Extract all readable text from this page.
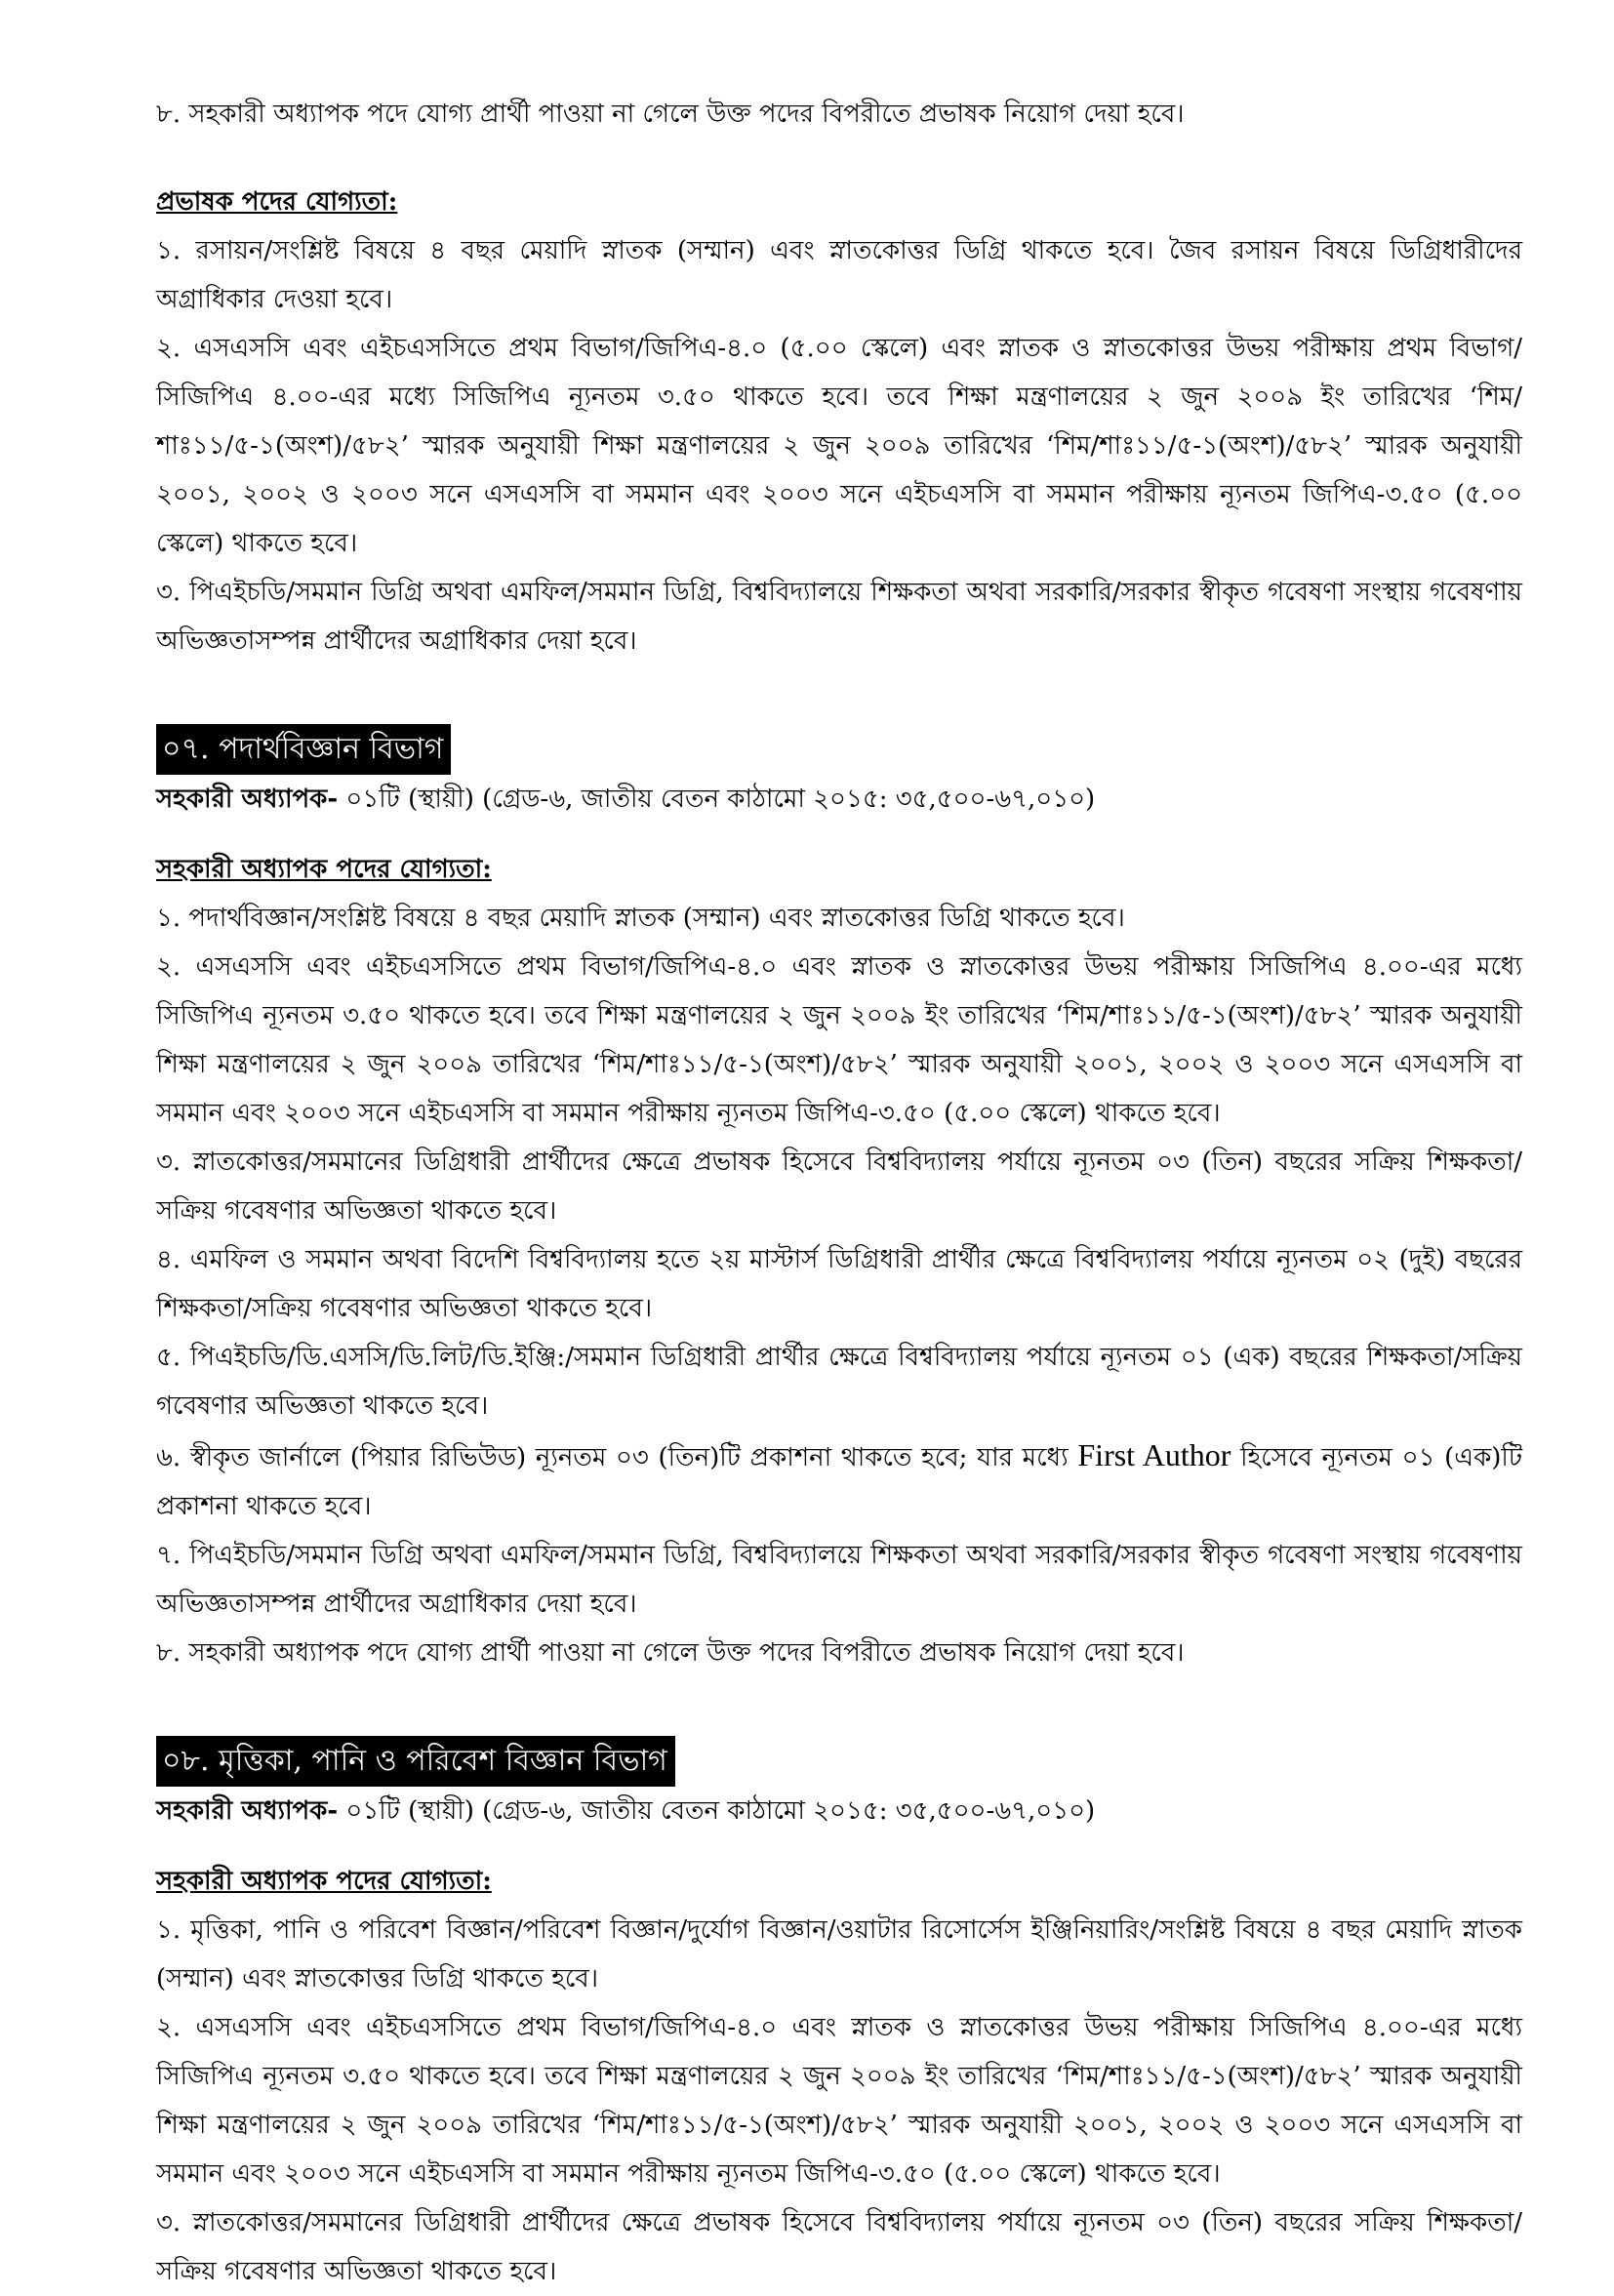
৮. সহকারী অধ্যাপক পদে যোগ্য প্রার্থী পাওয়া না গেলে উক্ত পদের বিপরীতে প্রভাষক নিয়োগ দেয়া হবে।

প্রভাষক পদের যোগ্যতা:

১. রসায়ন/সংশ্লিষ্ট বিষয়ে ৪ বছর মেয়াদি স্নাতক (সম্মান) এবং স্নাতকোত্তর ডিগ্রি থাকতে হবে। জৈব রসায়ন বিষয়ে ডিগ্রিধারীদের অগ্রাধিকার দেওয়া হবে।

২. এসএসসি এবং এইচএসসিতে প্রথম বিভাগ/জিপিএ-৪.০ (৫.০০ স্কেলে) এবং স্নাতক ও স্নাতকোত্তর উভয় পরীক্ষায় প্রথম বিভাগ/সিজিপিএ ৪.০০-এর মধ্যে সিজিপিএ ন্যূনতম ৩.৫০ থাকতে হবে। তবে শিক্ষা মন্ত্রণালয়ের ২ জুন ২০০৯ ইং তারিখের ‘শিম/শাঃ১১/৫-১(অংশ)/৫৮২’ স্মারক অনুযায়ী শিক্ষা মন্ত্রণালয়ের ২ জুন ২০০৯ তারিখের ‘শিম/শাঃ১১/৫-১(অংশ)/৫৮২’ স্মারক অনুযায়ী ২০০১, ২০০২ ও ২০০৩ সনে এসএসসি বা সমমান এবং ২০০৩ সনে এইচএসসি বা সমমান পরীক্ষায় ন্যূনতম জিপিএ-৩.৫০ (৫.০০ স্কেলে) থাকতে হবে।

৩. পিএইচডি/সমমান ডিগ্রি অথবা এমফিল/সমমান ডিগ্রি, বিশ্ববিদ্যালয়ে শিক্ষকতা অথবা সরকারি/সরকার স্বীকৃত গবেষণা সংস্থায় গবেষণায় অভিজ্ঞতাসম্পন্ন প্রার্থীদের অগ্রাধিকার দেয়া হবে।

০৭. পদার্থবিজ্ঞান বিভাগ

সহকারী অধ্যাপক- ০১টি (স্থায়ী) (গ্রেড-৬, জাতীয় বেতন কাঠামো ২০১৫: ৩৫,৫০০-৬৭,০১০)

সহকারী অধ্যাপক পদের যোগ্যতা:

১. পদার্থবিজ্ঞান/সংশ্লিষ্ট বিষয়ে ৪ বছর মেয়াদি স্নাতক (সম্মান) এবং স্নাতকোত্তর ডিগ্রি থাকতে হবে।

২. এসএসসি এবং এইচএসসিতে প্রথম বিভাগ/জিপিএ-৪.০ এবং স্নাতক ও স্নাতকোত্তর উভয় পরীক্ষায় সিজিপিএ ৪.০০-এর মধ্যে সিজিপিএ ন্যূনতম ৩.৫০ থাকতে হবে। তবে শিক্ষা মন্ত্রণালয়ের ২ জুন ২০০৯ ইং তারিখের ‘শিম/শাঃ১১/৫-১(অংশ)/৫৮২’ স্মারক অনুযায়ী শিক্ষা মন্ত্রণালয়ের ২ জুন ২০০৯ তারিখের ‘শিম/শাঃ১১/৫-১(অংশ)/৫৮২’ স্মারক অনুযায়ী ২০০১, ২০০২ ও ২০০৩ সনে এসএসসি বা সমমান এবং ২০০৩ সনে এইচএসসি বা সমমান পরীক্ষায় ন্যূনতম জিপিএ-৩.৫০ (৫.০০ স্কেলে) থাকতে হবে।

৩. স্নাতকোত্তর/সমমানের ডিগ্রিধারী প্রার্থীদের ক্ষেত্রে প্রভাষক হিসেবে বিশ্ববিদ্যালয় পর্যায়ে ন্যূনতম ০৩ (তিন) বছরের সক্রিয় শিক্ষকতা/সক্রিয় গবেষণার অভিজ্ঞতা থাকতে হবে।

৪. এমফিল ও সমমান অথবা বিদেশি বিশ্ববিদ্যালয় হতে ২য় মাস্টার্স ডিগ্রিধারী প্রার্থীর ক্ষেত্রে বিশ্ববিদ্যালয় পর্যায়ে ন্যূনতম ০২ (দুই) বছরের শিক্ষকতা/সক্রিয় গবেষণার অভিজ্ঞতা থাকতে হবে।

৫. পিএইচডি/ডি.এসসি/ডি.লিট/ডি.ইঞ্জি:/সমমান ডিগ্রিধারী প্রার্থীর ক্ষেত্রে বিশ্ববিদ্যালয় পর্যায়ে ন্যূনতম ০১ (এক) বছরের শিক্ষকতা/সক্রিয় গবেষণার অভিজ্ঞতা থাকতে হবে।

৬. স্বীকৃত জার্নালে (পিয়ার রিভিউড) ন্যূনতম ০৩ (তিন)টি প্রকাশনা থাকতে হবে; যার মধ্যে First Author হিসেবে ন্যূনতম ০১ (এক)টি প্রকাশনা থাকতে হবে।

৭. পিএইচডি/সমমান ডিগ্রি অথবা এমফিল/সমমান ডিগ্রি, বিশ্ববিদ্যালয়ে শিক্ষকতা অথবা সরকারি/সরকার স্বীকৃত গবেষণা সংস্থায় গবেষণায় অভিজ্ঞতাসম্পন্ন প্রার্থীদের অগ্রাধিকার দেয়া হবে।

৮. সহকারী অধ্যাপক পদে যোগ্য প্রার্থী পাওয়া না গেলে উক্ত পদের বিপরীতে প্রভাষক নিয়োগ দেয়া হবে।

০৮. মৃত্তিকা, পানি ও পরিবেশ বিজ্ঞান বিভাগ

সহকারী অধ্যাপক- ০১টি (স্থায়ী) (গ্রেড-৬, জাতীয় বেতন কাঠামো ২০১৫: ৩৫,৫০০-৬৭,০১০)

সহকারী অধ্যাপক পদের যোগ্যতা:

১. মৃত্তিকা, পানি ও পরিবেশ বিজ্ঞান/পরিবেশ বিজ্ঞান/দুর্যোগ বিজ্ঞান/ওয়াটার রিসোর্সেস ইঞ্জিনিয়ারিং/সংশ্লিষ্ট বিষয়ে ৪ বছর মেয়াদি স্নাতক (সম্মান) এবং স্নাতকোত্তর ডিগ্রি থাকতে হবে।

২. এসএসসি এবং এইচএসসিতে প্রথম বিভাগ/জিপিএ-৪.০ এবং স্নাতক ও স্নাতকোত্তর উভয় পরীক্ষায় সিজিপিএ ৪.০০-এর মধ্যে সিজিপিএ ন্যূনতম ৩.৫০ থাকতে হবে। তবে শিক্ষা মন্ত্রণালয়ের ২ জুন ২০০৯ ইং তারিখের ‘শিম/শাঃ১১/৫-১(অংশ)/৫৮২’ স্মারক অনুযায়ী শিক্ষা মন্ত্রণালয়ের ২ জুন ২০০৯ তারিখের ‘শিম/শাঃ১১/৫-১(অংশ)/৫৮২’ স্মারক অনুযায়ী ২০০১, ২০০২ ও ২০০৩ সনে এসএসসি বা সমমান এবং ২০০৩ সনে এইচএসসি বা সমমান পরীক্ষায় ন্যূনতম জিপিএ-৩.৫০ (৫.০০ স্কেলে) থাকতে হবে।

৩. স্নাতকোত্তর/সমমানের ডিগ্রিধারী প্রার্থীদের ক্ষেত্রে প্রভাষক হিসেবে বিশ্ববিদ্যালয় পর্যায়ে ন্যূনতম ০৩ (তিন) বছরের সক্রিয় শিক্ষকতা/সক্রিয় গবেষণার অভিজ্ঞতা থাকতে হবে।
